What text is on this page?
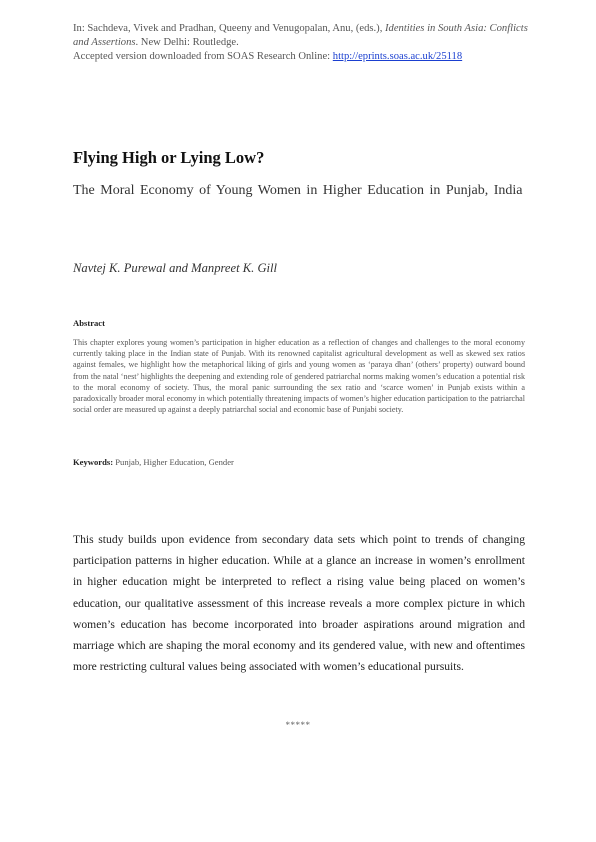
In: Sachdeva, Vivek and Pradhan, Queeny and Venugopalan, Anu, (eds.), Identities in South Asia: Conflicts and Assertions. New Delhi: Routledge.
Accepted version downloaded from SOAS Research Online: http://eprints.soas.ac.uk/25118
Flying High or Lying Low?

The Moral Economy of Young Women in Higher Education in Punjab, India

Navtej K. Purewal and Manpreet K. Gill
Abstract

This chapter explores young women’s participation in higher education as a reflection of changes and challenges to the moral economy currently taking place in the Indian state of Punjab. With its renowned capitalist agricultural development as well as skewed sex ratios against females, we highlight how the metaphorical liking of girls and young women as ‘paraya dhan’ (others’ property) outward bound from the natal ‘nest’ highlights the deepening and extending role of gendered patriarchal norms making women’s education a potential risk to the moral economy of society. Thus, the moral panic surrounding the sex ratio and ‘scarce women’ in Punjab exists within a paradoxically broader moral economy in which potentially threatening impacts of women’s higher education participation to the patriarchal social order are measured up against a deeply patriarchal social and economic base of Punjabi society.

Keywords: Punjab, Higher Education, Gender

This study builds upon evidence from secondary data sets which point to trends of changing participation patterns in higher education. While at a glance an increase in women’s enrollment in higher education might be interpreted to reflect a rising value being placed on women’s education, our qualitative assessment of this increase reveals a more complex picture in which women’s education has become incorporated into broader aspirations around migration and marriage which are shaping the moral economy and its gendered value, with new and oftentimes more restricting cultural values being associated with women’s educational pursuits.

*****
